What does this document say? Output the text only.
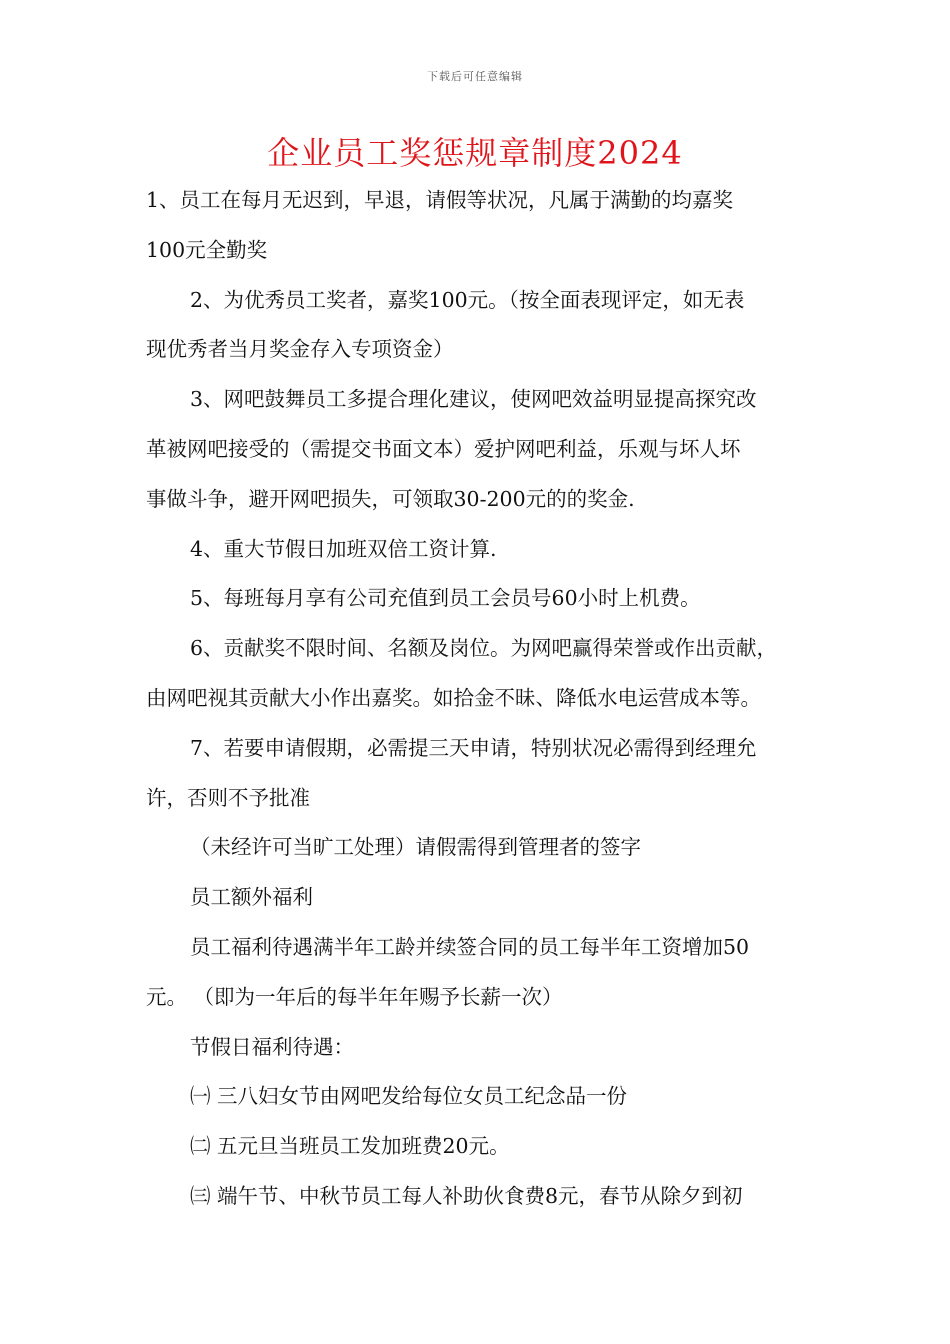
下载后可任意编辑
企业员工奖惩规章制度2024
1、员工在每月无迟到，早退，请假等状况，凡属于满勤的均嘉奖
100元全勤奖
2、为优秀员工奖者，嘉奖100元。（按全面表现评定，如无表
现优秀者当月奖金存入专项资金）
3、网吧鼓舞员工多提合理化建议，使网吧效益明显提高探究改
革被网吧接受的（需提交书面文本）爱护网吧利益，乐观与坏人坏
事做斗争，避开网吧损失，可领取30-200元的的奖金.
4、重大节假日加班双倍工资计算.
5、每班每月享有公司充值到员工会员号60小时上机费。
6、贡献奖不限时间、名额及岗位。为网吧赢得荣誉或作出贡献，
由网吧视其贡献大小作出嘉奖。如拾金不昧、降低水电运营成本等。
7、若要申请假期，必需提三天申请，特别状况必需得到经理允
许，否则不予批准
（未经许可当旷工处理）请假需得到管理者的签字
员工额外福利
员工福利待遇满半年工龄并续签合同的员工每半年工资增加50
元。 （即为一年后的每半年年赐予长薪一次）
节假日福利待遇：
㈠ 三八妇女节由网吧发给每位女员工纪念品一份
㈡ 五元旦当班员工发加班费20元。
㈢ 端午节、中秋节员工每人补助伙食费8元，春节从除夕到初
